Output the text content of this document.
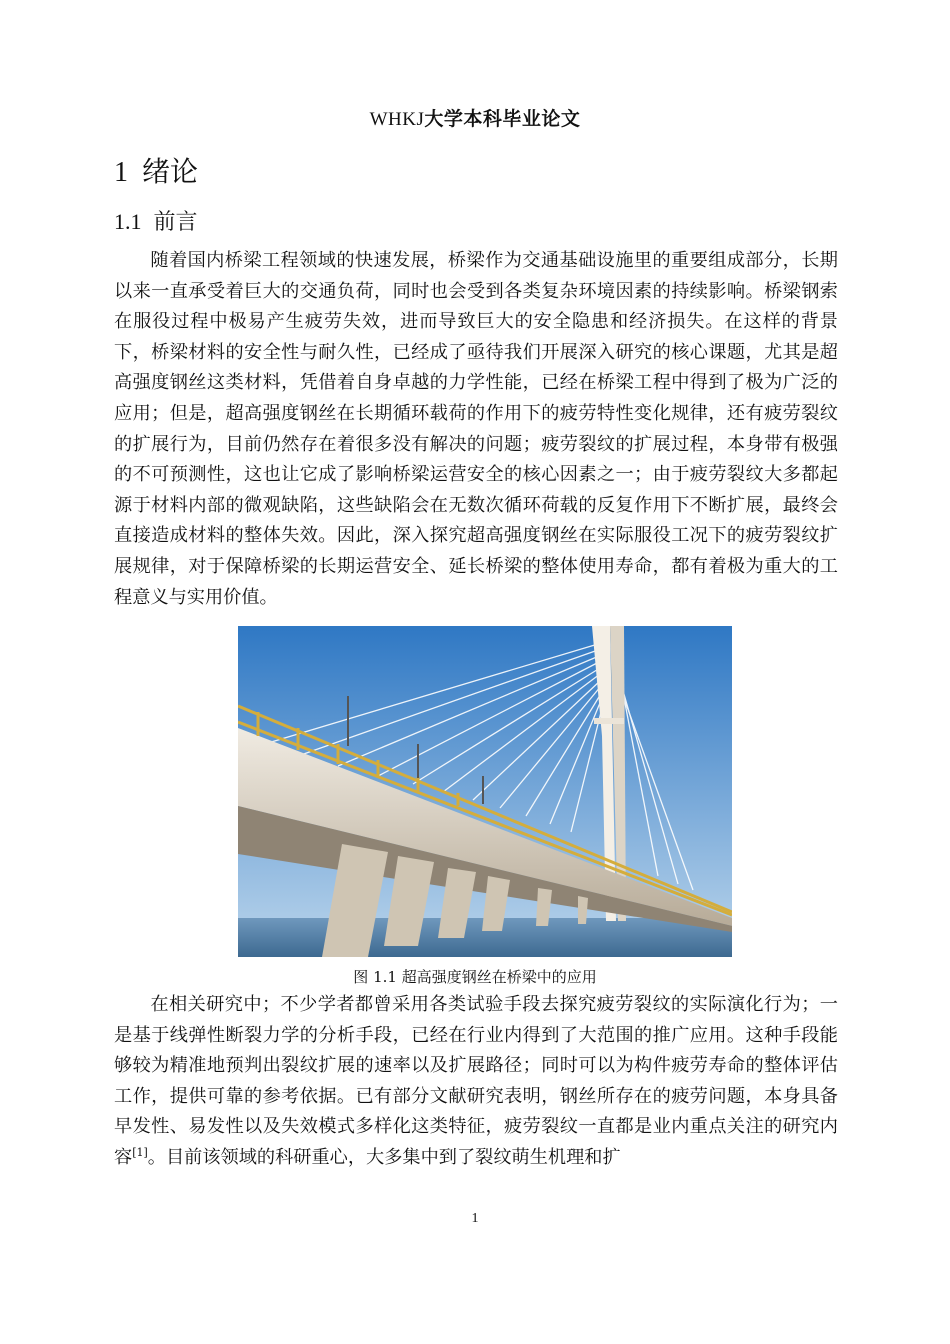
WHKJ大学本科毕业论文
1 绪论
1.1 前言

随着国内桥梁工程领域的快速发展，桥梁作为交通基础设施里的重要组成部分，长期以来一直承受着巨大的交通负荷，同时也会受到各类复杂环境因素的持续影响。桥梁钢索在服役过程中极易产生疲劳失效，进而导致巨大的安全隐患和经济损失。在这样的背景下，桥梁材料的安全性与耐久性，已经成了亟待我们开展深入研究的核心课题，尤其是超高强度钢丝这类材料，凭借着自身卓越的力学性能，已经在桥梁工程中得到了极为广泛的应用；但是，超高强度钢丝在长期循环载荷的作用下的疲劳特性变化规律，还有疲劳裂纹的扩展行为，目前仍然存在着很多没有解决的问题；疲劳裂纹的扩展过程，本身带有极强的不可预测性，这也让它成了影响桥梁运营安全的核心因素之一；由于疲劳裂纹大多都起源于材料内部的微观缺陷，这些缺陷会在无数次循环荷载的反复作用下不断扩展，最终会直接造成材料的整体失效。因此，深入探究超高强度钢丝在实际服役工况下的疲劳裂纹扩展规律，对于保障桥梁的长期运营安全、延长桥梁的整体使用寿命，都有着极为重大的工程意义与实用价值。

图 1.1 超高强度钢丝在桥梁中的应用

在相关研究中；不少学者都曾采用各类试验手段去探究疲劳裂纹的实际演化行为；一是基于线弹性断裂力学的分析手段，已经在行业内得到了大范围的推广应用。这种手段能够较为精准地预判出裂纹扩展的速率以及扩展路径；同时可以为构件疲劳寿命的整体评估工作，提供可靠的参考依据。已有部分文献研究表明，钢丝所存在的疲劳问题，本身具备早发性、易发性以及失效模式多样化这类特征，疲劳裂纹一直都是业内重点关注的研究内容[1]。目前该领域的科研重心，大多集中到了裂纹萌生机理和扩

1
